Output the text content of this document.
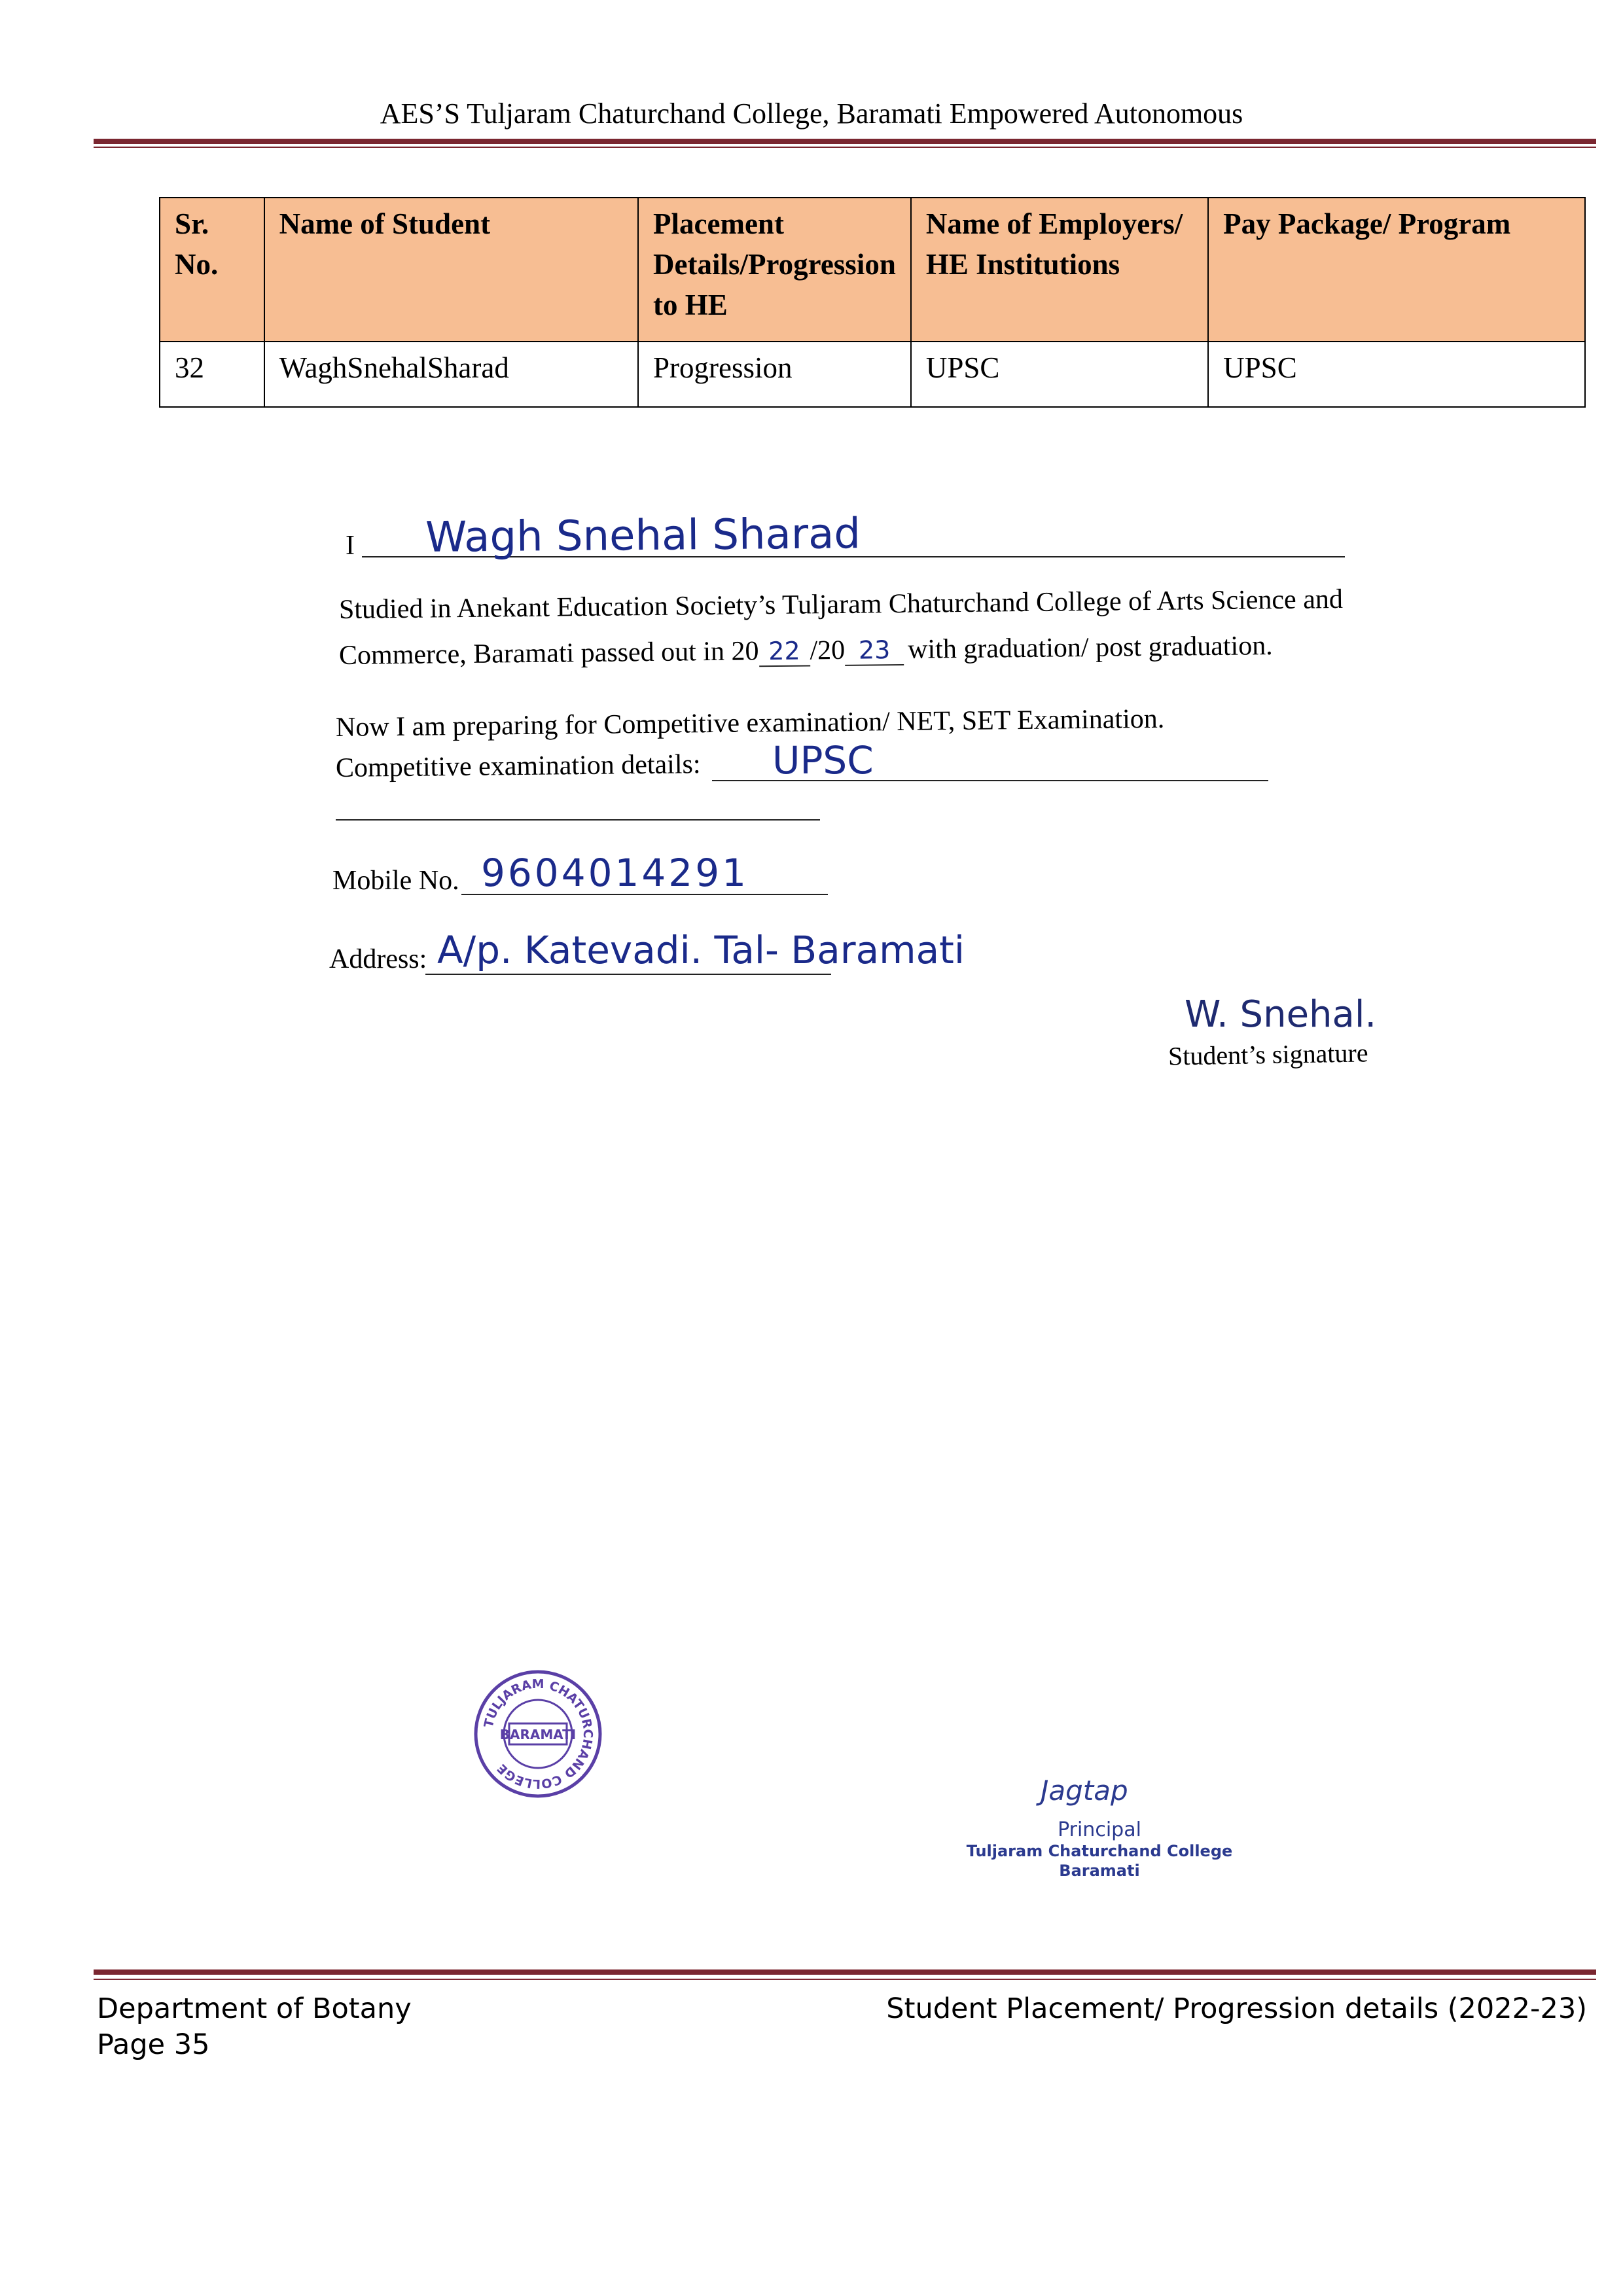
AES’S Tuljaram Chaturchand College, Baramati Empowered Autonomous
Sr. No.	Name of Student	Placement Details/Progression to HE	Name of Employers/ HE Institutions	Pay Package/ Program
32	WaghSnehalSharad	Progression	UPSC	UPSC
I Wagh Snehal Sharad
Studied in Anekant Education Society’s Tuljaram Chaturchand College of Arts Science and
Commerce, Baramati passed out in 20 22 /20 23 with graduation/ post graduation.
Now I am preparing for Competitive examination/ NET, SET Examination.
Competitive examination details: UPSC
Mobile No. 9604014291
Address: A/p. Katevadi. Tal- Baramati
W. Snehal.
Student’s signature
TULJARAM CHATURCHAND COLLEGE
BARAMATI
Jagtap
Principal
Tuljaram Chaturchand College
Baramati
Department of Botany
Page 35
Student Placement/ Progression details (2022-23)
